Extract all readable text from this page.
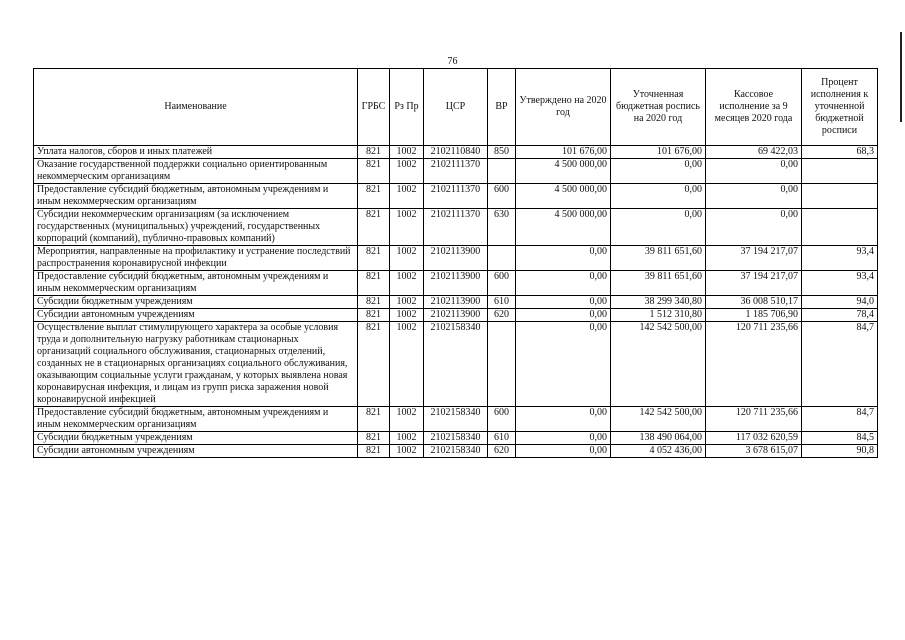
76
Наименование	ГРБС	Рз Пр	ЦСР	ВР	Утверждено на 2020 год	Уточненная бюджетная роспись на 2020 год	Кассовое исполнение за 9 месяцев 2020 года	Процент исполнения к уточненной бюджетной росписи
Уплата налогов, сборов и иных платежей	821	1002	2102110840	850	101 676,00	101 676,00	69 422,03	68,3
Оказание государственной поддержки социально ориентированным некоммерческим организациям	821	1002	2102111370		4 500 000,00	0,00	0,00	
Предоставление субсидий бюджетным, автономным учреждениям и иным некоммерческим организациям	821	1002	2102111370	600	4 500 000,00	0,00	0,00	
Субсидии некоммерческим организациям (за исключением государственных (муниципальных) учреждений, государственных корпораций (компаний), публично-правовых компаний)	821	1002	2102111370	630	4 500 000,00	0,00	0,00	
Мероприятия, направленные на профилактику и устранение последствий распространения коронавирусной инфекции	821	1002	2102113900		0,00	39 811 651,60	37 194 217,07	93,4
Предоставление субсидий бюджетным, автономным учреждениям и иным некоммерческим организациям	821	1002	2102113900	600	0,00	39 811 651,60	37 194 217,07	93,4
Субсидии бюджетным учреждениям	821	1002	2102113900	610	0,00	38 299 340,80	36 008 510,17	94,0
Субсидии автономным учреждениям	821	1002	2102113900	620	0,00	1 512 310,80	1 185 706,90	78,4
Осуществление выплат стимулирующего характера за особые условия труда и дополнительную нагрузку работникам стационарных организаций социального обслуживания, стационарных отделений, созданных не в стационарных организациях социального обслуживания, оказывающим социальные услуги гражданам, у которых выявлена новая коронавирусная инфекция, и лицам из групп риска заражения новой коронавирусной инфекцией	821	1002	2102158340		0,00	142 542 500,00	120 711 235,66	84,7
Предоставление субсидий бюджетным, автономным учреждениям и иным некоммерческим организациям	821	1002	2102158340	600	0,00	142 542 500,00	120 711 235,66	84,7
Субсидии бюджетным учреждениям	821	1002	2102158340	610	0,00	138 490 064,00	117 032 620,59	84,5
Субсидии автономным учреждениям	821	1002	2102158340	620	0,00	4 052 436,00	3 678 615,07	90,8
